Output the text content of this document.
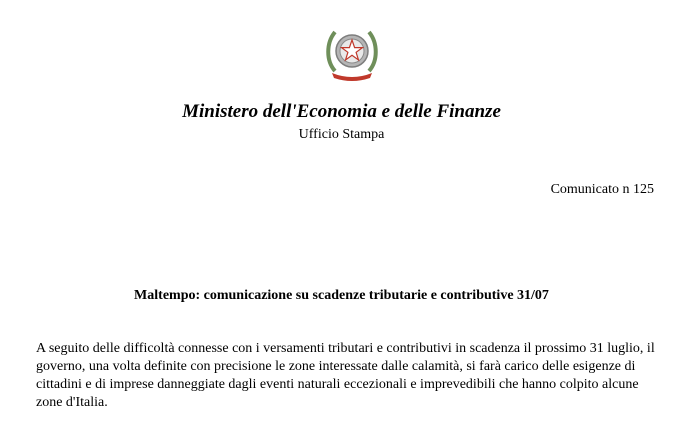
Ministero dell'Economia e delle Finanze

Ufficio Stampa

Comunicato n 125

Maltempo: comunicazione su scadenze tributarie e contributive 31/07

A seguito delle difficoltà connesse con i versamenti tributari e contributivi in scadenza il prossimo 31 luglio, il governo, una volta definite con precisione le zone interessate dalle calamità, si farà carico delle esigenze di cittadini e di imprese danneggiate dagli eventi naturali eccezionali e imprevedibili che hanno colpito alcune zone d'Italia.
